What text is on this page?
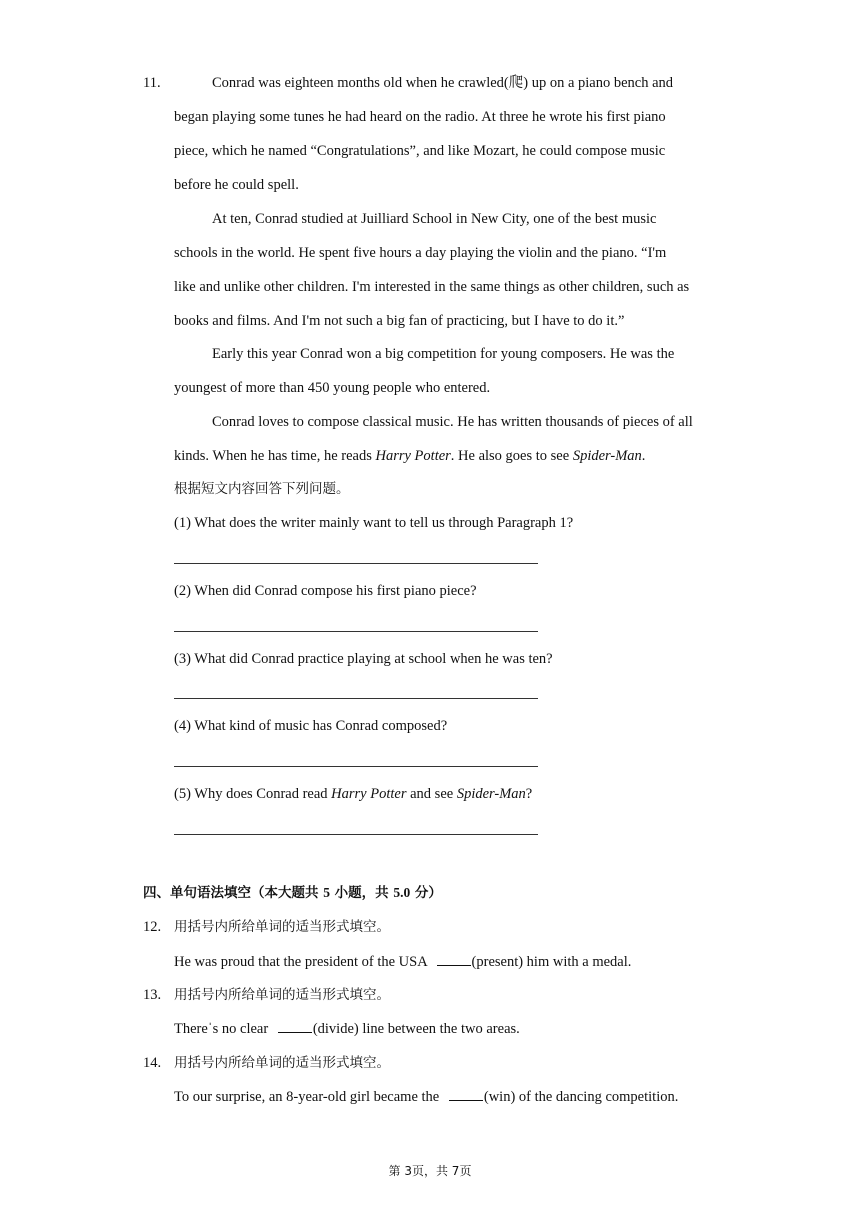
11.	Conrad was eighteen months old when he crawled(爬) up on a piano bench and
began playing some tunes he had heard on the radio. At three he wrote his first piano
piece, which he named “Congratulations”, and like Mozart, he could compose music
before he could spell.
At ten, Conrad studied at Juilliard School in New City, one of the best music
schools in the world. He spent five hours a day playing the violin and the piano. “I'm
like and unlike other children. I'm interested in the same things as other children, such as
books and films. And I'm not such a big fan of practicing, but I have to do it.”
Early this year Conrad won a big competition for young composers. He was the
youngest of more than 450 young people who entered.
Conrad loves to compose classical music. He has written thousands of pieces of all
kinds. When he has time, he reads Harry Potter. He also goes to see Spider-Man.
根据短文内容回答下列问题。
(1) What does the writer mainly want to tell us through Paragraph 1?
(2) When did Conrad compose his first piano piece?
(3) What did Conrad practice playing at school when he was ten?
(4) What kind of music has Conrad composed?
(5) Why does Conrad read Harry Potter and see Spider-Man?
四、单句语法填空（本大题共 5 小题，共 5.0 分）
12. 用括号内所给单词的适当形式填空。
He was proud that the president of the USA	(present) him with a medal.
13. 用括号内所给单词的适当形式填空。
Thereˈs no clear	(divide) line between the two areas.
14. 用括号内所给单词的适当形式填空。
To our surprise, an 8-year-old girl became the	(win) of the dancing competition.
第 3页，共 7页
